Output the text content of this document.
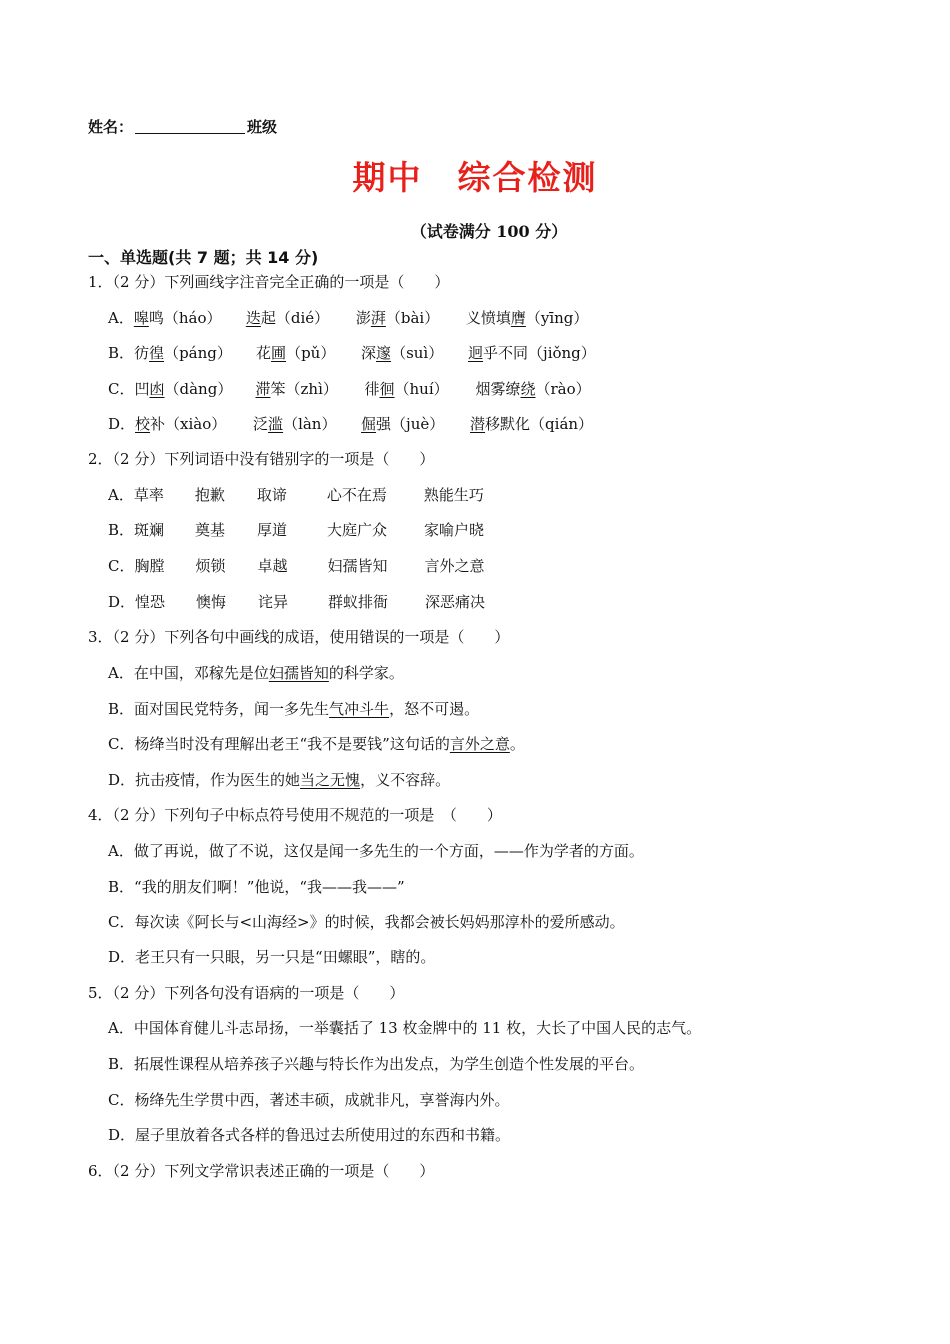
姓名：	班级
期中　综合检测
（试卷满分 100 分）
一、单选题(共 7 题；共 14 分)
1．（2 分）下列画线字注音完全正确的一项是（　　）
A．嗥鸣（háo） 迭起（dié） 澎湃（bài） 义愤填膺（yīng）
B．彷徨（páng） 花圃（pǔ） 深邃（suì） 迥乎不同（jiǒng）
C．凹凼（dàng） 滞笨（zhì） 徘徊（huí） 烟雾缭绕（rào）
D．校补（xiào） 泛滥（làn） 倔强（juè） 潜移默化（qián）
2．（2 分）下列词语中没有错别字的一项是（　　）
A．草率 抱歉 取谛	心不在焉 熟能生巧
B．斑斓 奠基 厚道	大庭广众 家喻户晓
C．胸膛 烦锁 卓越	妇孺皆知 言外之意
D．惶恐 懊悔 诧异	群蚁排衙 深恶痛决
3．（2 分）下列各句中画线的成语，使用错误的一项是（　　）
A．在中国，邓稼先是位妇孺皆知的科学家。
B．面对国民党特务，闻一多先生气冲斗牛，怒不可遏。
C．杨绛当时没有理解出老王“我不是要钱”这句话的言外之意。
D．抗击疫情，作为医生的她当之无愧，义不容辞。
4．（2 分）下列句子中标点符号使用不规范的一项是　（　　）
A．做了再说，做了不说，这仅是闻一多先生的一个方面，——作为学者的方面。
B．“我的朋友们啊！”他说，“我——我——”
C．每次读《阿长与<山海经>》的时候，我都会被长妈妈那淳朴的爱所感动。
D．老王只有一只眼，另一只是“田螺眼”，瞎的。
5．（2 分）下列各句没有语病的一项是（　　）
A．中国体育健儿斗志昂扬，一举囊括了 13 枚金牌中的 11 枚，大长了中国人民的志气。
B．拓展性课程从培养孩子兴趣与特长作为出发点，为学生创造个性发展的平台。
C．杨绛先生学贯中西，著述丰硕，成就非凡，享誉海内外。
D．屋子里放着各式各样的鲁迅过去所使用过的东西和书籍。
6．（2 分）下列文学常识表述正确的一项是（　　）
